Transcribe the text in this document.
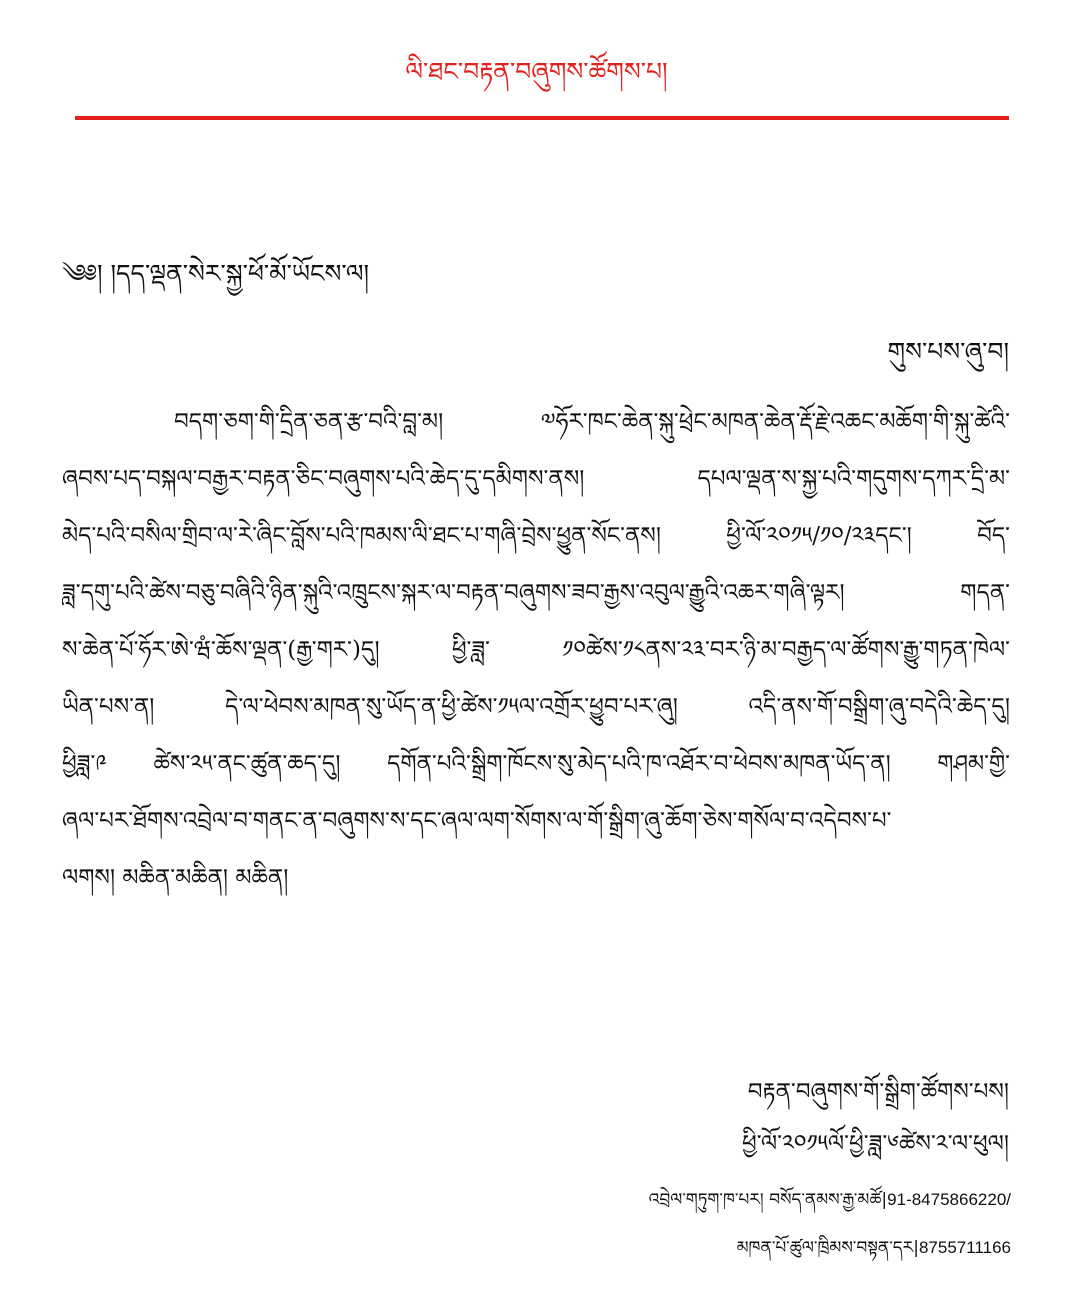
ལི་ཐང་བརྟན་བཞུགས་ཚོགས་པ།
༄༅། །དད་ལྡན་སེར་སྐྱ་ཕོ་མོ་ཡོངས་ལ།
གུས་པས་ཞུ་བ།
བདག་ཅག་གི་དྲིན་ཅན་རྩ་བའི་བླ་མ། ༧ཧོར་ཁང་ཆེན་སྐུ་ཕྲེང་མཁན་ཆེན་རྡོ་རྗེ་འཆང་མཆོག་གི་སྐུ་ཚེའི་
ཞབས་པད་བསྐལ་བརྒྱར་བརྟན་ཅིང་བཞུགས་པའི་ཆེད་དུ་དམིགས་ནས། དཔལ་ལྡན་ས་སྐྱ་པའི་གདུགས་དཀར་དྲི་མ་
མེད་པའི་བསིལ་གྲིབ་ལ་རེ་ཞིང་བློས་པའི་ཁམས་ལི་ཐང་པ་གཞི་བྲེས་ཕྱུན་སོང་ནས། ཕྱི་ལོ་༢༠༡༥/༡༠/༢༣དང་། བོད་
ཟླ་དགུ་པའི་ཚེས་བཅུ་བཞིའི་ཉིན་སྐུའི་འཁྲུངས་སྐར་ལ་བརྟན་བཞུགས་ཟབ་རྒྱས་འབུལ་རྒྱུའི་འཆར་གཞི་ལྟར། གདན་
ས་ཆེན་པོ་ཧོར་ཨེ་ཝཾ་ཆོས་ལྡན་(རྒྱ་གར་)དུ། ཕྱི་ཟླ་ ༡༠ཚེས་༡༨ནས་༢༣་བར་ཉི་མ་བརྒྱད་ལ་ཚོགས་རྒྱུ་གཏན་ཁེལ་
ཡིན་པས་ན། དེ་ལ་ཕེབས་མཁན་སུ་ཡོད་ན་ཕྱི་ཚེས་༡༥ལ་འགྲོར་ཕྱུབ་པར་ཞུ། འདི་ནས་གོ་བསྒྲིག་ཞུ་བདེའི་ཆེད་དུ།
ཕྱིཟླ་༩ ཚེས་༢༥་ནང་ཚུན་ཆད་དུ། དགོན་པའི་སྒྲིག་ཁོངས་སུ་མེད་པའི་ཁ་འཐོར་བ་ཕེབས་མཁན་ཡོད་ན། གཤམ་གྱི་
ཞལ་པར་ཐོགས་འབྲེལ་བ་གནང་ན་བཞུགས་ས་དང་ཞལ་ལག་སོགས་ལ་གོ་སྒྲིག་ཞུ་ཆོག་ཅེས་གསོལ་བ་འདེབས་པ་
ལགས། མཆིན་མཆིན། མཆིན།
བརྟན་བཞུགས་གོ་སྒྲིག་ཚོགས་པས།
ཕྱི་ལོ་༢༠༡༥ལོ་ཕྱི་ཟླ་༦ཚེས་༢་ལ་ཕུལ།
འབྲེལ་གཏུག་ཁ་པར། བསོད་ནམས་རྒྱ་མཚོ|91-8475866220/
མཁན་པོ་ཚུལ་ཁྲིམས་བསྟན་དར|8755711166
